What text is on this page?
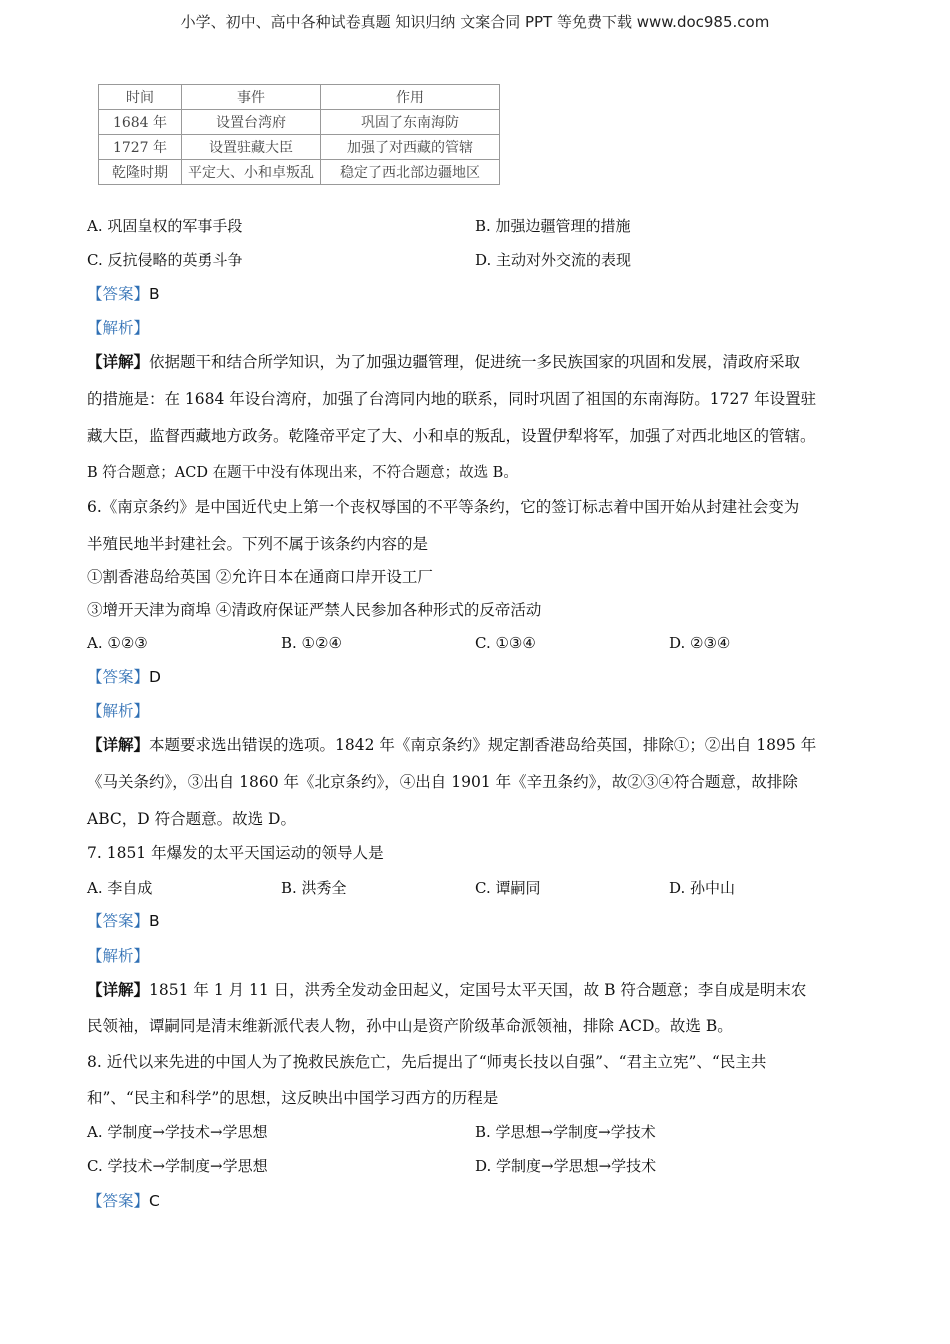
小学、初中、高中各种试卷真题 知识归纳 文案合同 PPT 等免费下载 www.doc985.com
时间	事件	作用
1684 年	设置台湾府	巩固了东南海防
1727 年	设置驻藏大臣	加强了对西藏的管辖
乾隆时期	平定大、小和卓叛乱	稳定了西北部边疆地区
A. 巩固皇权的军事手段	B. 加强边疆管理的措施
C. 反抗侵略的英勇斗争	D. 主动对外交流的表现
【答案】B
【解析】
【详解】依据题干和结合所学知识，为了加强边疆管理，促进统一多民族国家的巩固和发展，清政府采取
的措施是：在 1684 年设台湾府，加强了台湾同内地的联系，同时巩固了祖国的东南海防。1727 年设置驻
藏大臣，监督西藏地方政务。乾隆帝平定了大、小和卓的叛乱，设置伊犁将军，加强了对西北地区的管辖。
B 符合题意；ACD 在题干中没有体现出来，不符合题意；故选 B。
6.《南京条约》是中国近代史上第一个丧权辱国的不平等条约，它的签订标志着中国开始从封建社会变为
半殖民地半封建社会。下列不属于该条约内容的是
①割香港岛给英国 ②允许日本在通商口岸开设工厂
③增开天津为商埠 ④清政府保证严禁人民参加各种形式的反帝活动
A. ①②③	B. ①②④	C. ①③④	D. ②③④
【答案】D
【解析】
【详解】本题要求选出错误的选项。1842 年《南京条约》规定割香港岛给英国，排除①；②出自 1895 年
《马关条约》，③出自 1860 年《北京条约》，④出自 1901 年《辛丑条约》，故②③④符合题意，故排除
ABC，D 符合题意。故选 D。
7. 1851 年爆发的太平天国运动的领导人是
A. 李自成	B. 洪秀全	C. 谭嗣同	D. 孙中山
【答案】B
【解析】
【详解】1851 年 1 月 11 日，洪秀全发动金田起义，定国号太平天国，故 B 符合题意；李自成是明末农
民领袖，谭嗣同是清末维新派代表人物，孙中山是资产阶级革命派领袖，排除 ACD。故选 B。
8. 近代以来先进的中国人为了挽救民族危亡，先后提出了“师夷长技以自强”、“君主立宪”、“民主共
和”、“民主和科学”的思想，这反映出中国学习西方的历程是
A. 学制度→学技术→学思想	B. 学思想→学制度→学技术
C. 学技术→学制度→学思想	D. 学制度→学思想→学技术
【答案】C
